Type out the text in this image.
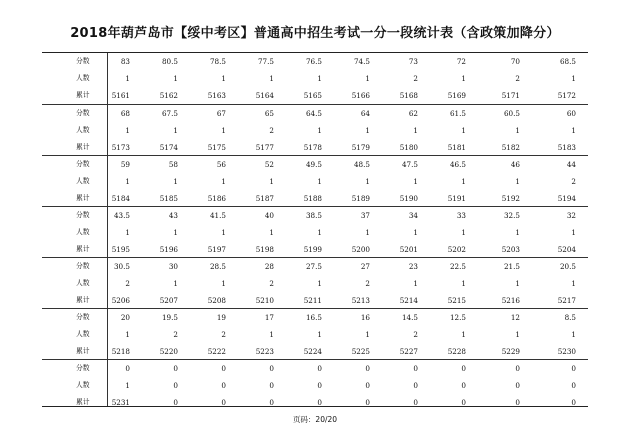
2018年葫芦岛市【绥中考区】普通高中招生考试一分一段统计表（含政策加降分）
分数	83	80.5	78.5	77.5	76.5	74.5	73	72	70	68.5
人数	1	1	1	1	1	1	2	1	2	1
累计	5161	5162	5163	5164	5165	5166	5168	5169	5171	5172
分数	68	67.5	67	65	64.5	64	62	61.5	60.5	60
人数	1	1	1	2	1	1	1	1	1	1
累计	5173	5174	5175	5177	5178	5179	5180	5181	5182	5183
分数	59	58	56	52	49.5	48.5	47.5	46.5	46	44
人数	1	1	1	1	1	1	1	1	1	2
累计	5184	5185	5186	5187	5188	5189	5190	5191	5192	5194
分数	43.5	43	41.5	40	38.5	37	34	33	32.5	32
人数	1	1	1	1	1	1	1	1	1	1
累计	5195	5196	5197	5198	5199	5200	5201	5202	5203	5204
分数	30.5	30	28.5	28	27.5	27	23	22.5	21.5	20.5
人数	2	1	1	2	1	2	1	1	1	1
累计	5206	5207	5208	5210	5211	5213	5214	5215	5216	5217
分数	20	19.5	19	17	16.5	16	14.5	12.5	12	8.5
人数	1	2	2	1	1	1	2	1	1	1
累计	5218	5220	5222	5223	5224	5225	5227	5228	5229	5230
分数	0	0	0	0	0	0	0	0	0	0
人数	1	0	0	0	0	0	0	0	0	0
累计	5231	0	0	0	0	0	0	0	0	0
页码：20/20
